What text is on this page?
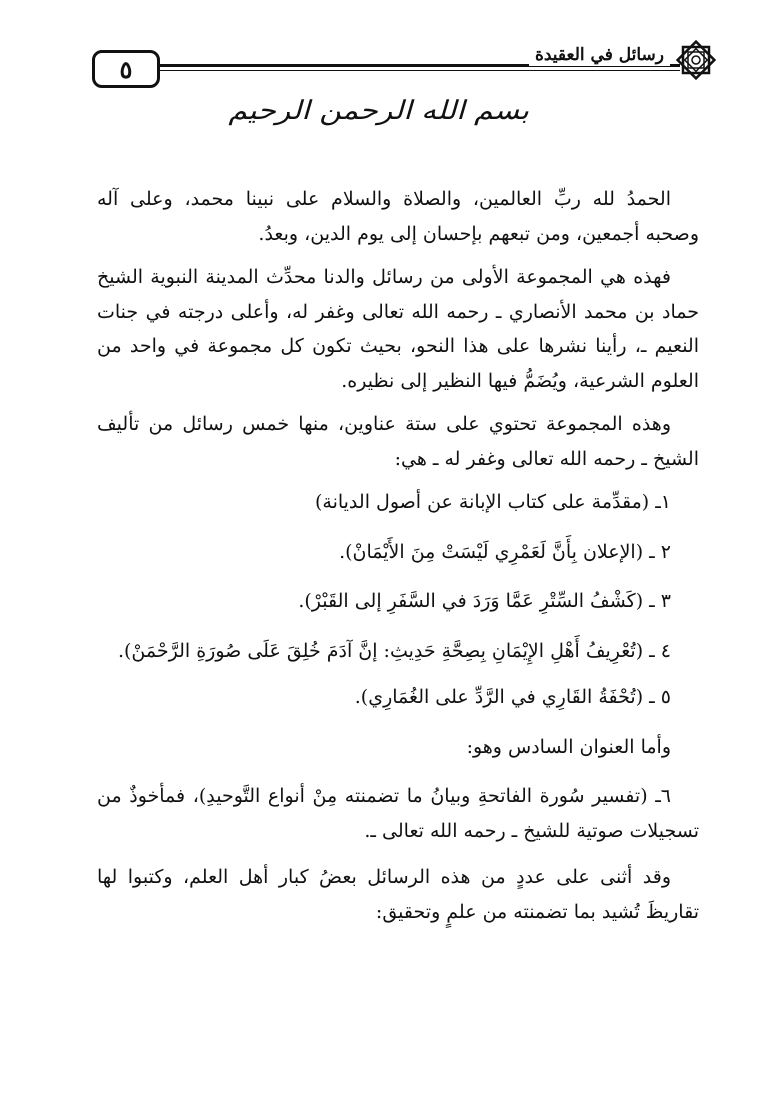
٥	رسائل في العقيدة
بسم الله الرحمن الرحيم

الحمدُ لله ربِّ العالمين، والصلاة والسلام على نبينا محمد، وعلى آله وصحبه أجمعين، ومن تبعهم بإحسان إلى يوم الدين، وبعدُ.

فهذه هي المجموعة الأولى من رسائل والدنا محدِّث المدينة النبوية الشيخ حماد بن محمد الأنصاري ـ رحمه الله تعالى وغفر له، وأعلى درجته في جنات النعيم ـ، رأينا نشرها على هذا النحو، بحيث تكون كل مجموعة في واحد من العلوم الشرعية، ويُضَمُّ فيها النظير إلى نظيره.

وهذه المجموعة تحتوي على ستة عناوين، منها خمس رسائل من تأليف الشيخ ـ رحمه الله تعالى وغفر له ـ هي:

١ـ (مقدِّمة على كتاب الإبانة عن أصول الديانة)

٢ ـ (الإعلان بِأَنَّ لَعَمْرِي لَيْسَتْ مِنَ الأَيْمَانْ).

٣ ـ (كَشْفُ السِّتْرِ عَمَّا وَرَدَ في السَّفَرِ إلى القَبْرْ).

٤ ـ (تُعْرِيفُ أَهْلِ الإِيْمَانِ بِصِحَّةِ حَدِيثِ: إنَّ آدَمَ خُلِقَ عَلَى صُورَةِ الرَّحْمَنْ).

٥ ـ (تُحْفَةُ القَارِي في الرَّدِّ على الغُمَارِي).

وأما العنوان السادس وهو:

٦ـ (تفسير سُورة الفاتحةِ وبيانُ ما تضمنته مِنْ أنواع التَّوحيدِ)، فمأخوذٌ من تسجيلات صوتية للشيخ ـ رحمه الله تعالى ـ.

وقد أثنى على عددٍ من هذه الرسائل بعضُ كبار أهل العلم، وكتبوا لها تقاريظَ تُشيد بما تضمنته من علمٍ وتحقيق:
